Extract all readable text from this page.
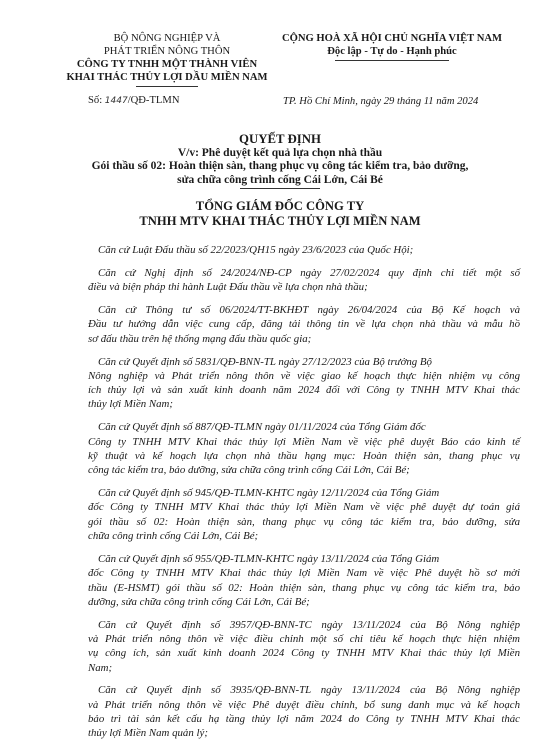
BỘ NÔNG NGHIỆP VÀ
PHÁT TRIỂN NÔNG THÔN
CÔNG TY TNHH MỘT THÀNH VIÊN
KHAI THÁC THỦY LỢI DẦU MIỀN NAM
CỘNG HOÀ XÃ HỘI CHỦ NGHĨA VIỆT NAM
Độc lập - Tự do - Hạnh phúc
Số: 1447/QĐ-TLMN	TP. Hồ Chí Minh, ngày 29 tháng 11 năm 2024
QUYẾT ĐỊNH
V/v: Phê duyệt kết quả lựa chọn nhà thầu
Gói thầu số 02: Hoàn thiện sàn, thang phục vụ công tác kiểm tra, bảo dưỡng,
sửa chữa công trình cống Cái Lớn, Cái Bé
TỔNG GIÁM ĐỐC CÔNG TY
TNHH MTV KHAI THÁC THỦY LỢI MIỀN NAM
Căn cứ Luật Đấu thầu số 22/2023/QH15 ngày 23/6/2023 của Quốc Hội;
Căn cứ Nghị định số 24/2024/NĐ-CP ngày 27/02/2024 quy định chi tiết một số
điều và biện pháp thi hành Luật Đấu thầu về lựa chọn nhà thầu;
Căn cứ Thông tư số 06/2024/TT-BKHĐT ngày 26/04/2024 của Bộ Kế hoạch và
Đầu tư hướng dẫn việc cung cấp, đăng tải thông tin về lựa chọn nhà thầu và mẫu hồ
sơ đấu thầu trên hệ thống mạng đấu thầu quốc gia;
Căn cứ Quyết định số 5831/QĐ-BNN-TL ngày 27/12/2023 của Bộ trưởng Bộ
Nông nghiệp và Phát triển nông thôn về việc giao kế hoạch thực hiện nhiệm vụ công
ích thủy lợi và sản xuất kinh doanh năm 2024 đối với Công ty TNHH MTV Khai thác
thủy lợi Miền Nam;
Căn cứ Quyết định số 887/QĐ-TLMN ngày 01/11/2024 của Tổng Giám đốc
Công ty TNHH MTV Khai thác thủy lợi Miền Nam về việc phê duyệt Báo cáo kinh tế
kỹ thuật và kế hoạch lựa chọn nhà thầu hạng mục: Hoàn thiện sàn, thang phục vụ
công tác kiểm tra, bảo dưỡng, sửa chữa công trình cống Cái Lớn, Cái Bé;
Căn cứ Quyết định số 945/QĐ-TLMN-KHTC ngày 12/11/2024 của Tổng Giám
đốc Công ty TNHH MTV Khai thác thủy lợi Miền Nam về việc phê duyệt dự toán giá
gói thầu số 02: Hoàn thiện sàn, thang phục vụ công tác kiểm tra, bảo dưỡng, sửa
chữa công trình cống Cái Lớn, Cái Bé;
Căn cứ Quyết định số 955/QĐ-TLMN-KHTC ngày 13/11/2024 của Tổng Giám
đốc Công ty TNHH MTV Khai thác thủy lợi Miền Nam về việc Phê duyệt hồ sơ mời
thầu (E-HSMT) gói thầu số 02: Hoàn thiện sàn, thang phục vụ công tác kiểm tra, bảo
dưỡng, sửa chữa công trình cống Cái Lớn, Cái Bé;
Căn cứ Quyết định số 3957/QĐ-BNN-TC ngày 13/11/2024 của Bộ Nông nghiệp
và Phát triển nông thôn về việc điều chỉnh một số chỉ tiêu kế hoạch thực hiện nhiệm
vụ công ích, sản xuất kinh doanh 2024 Công ty TNHH MTV Khai thác thủy lợi Miền
Nam;
Căn cứ Quyết định số 3935/QĐ-BNN-TL ngày 13/11/2024 của Bộ Nông nghiệp
và Phát triển nông thôn về việc Phê duyệt điều chỉnh, bổ sung danh mục và kế hoạch
bảo trì tài sản kết cấu hạ tầng thủy lợi năm 2024 do Công ty TNHH MTV Khai thác
thủy lợi Miền Nam quản lý;
